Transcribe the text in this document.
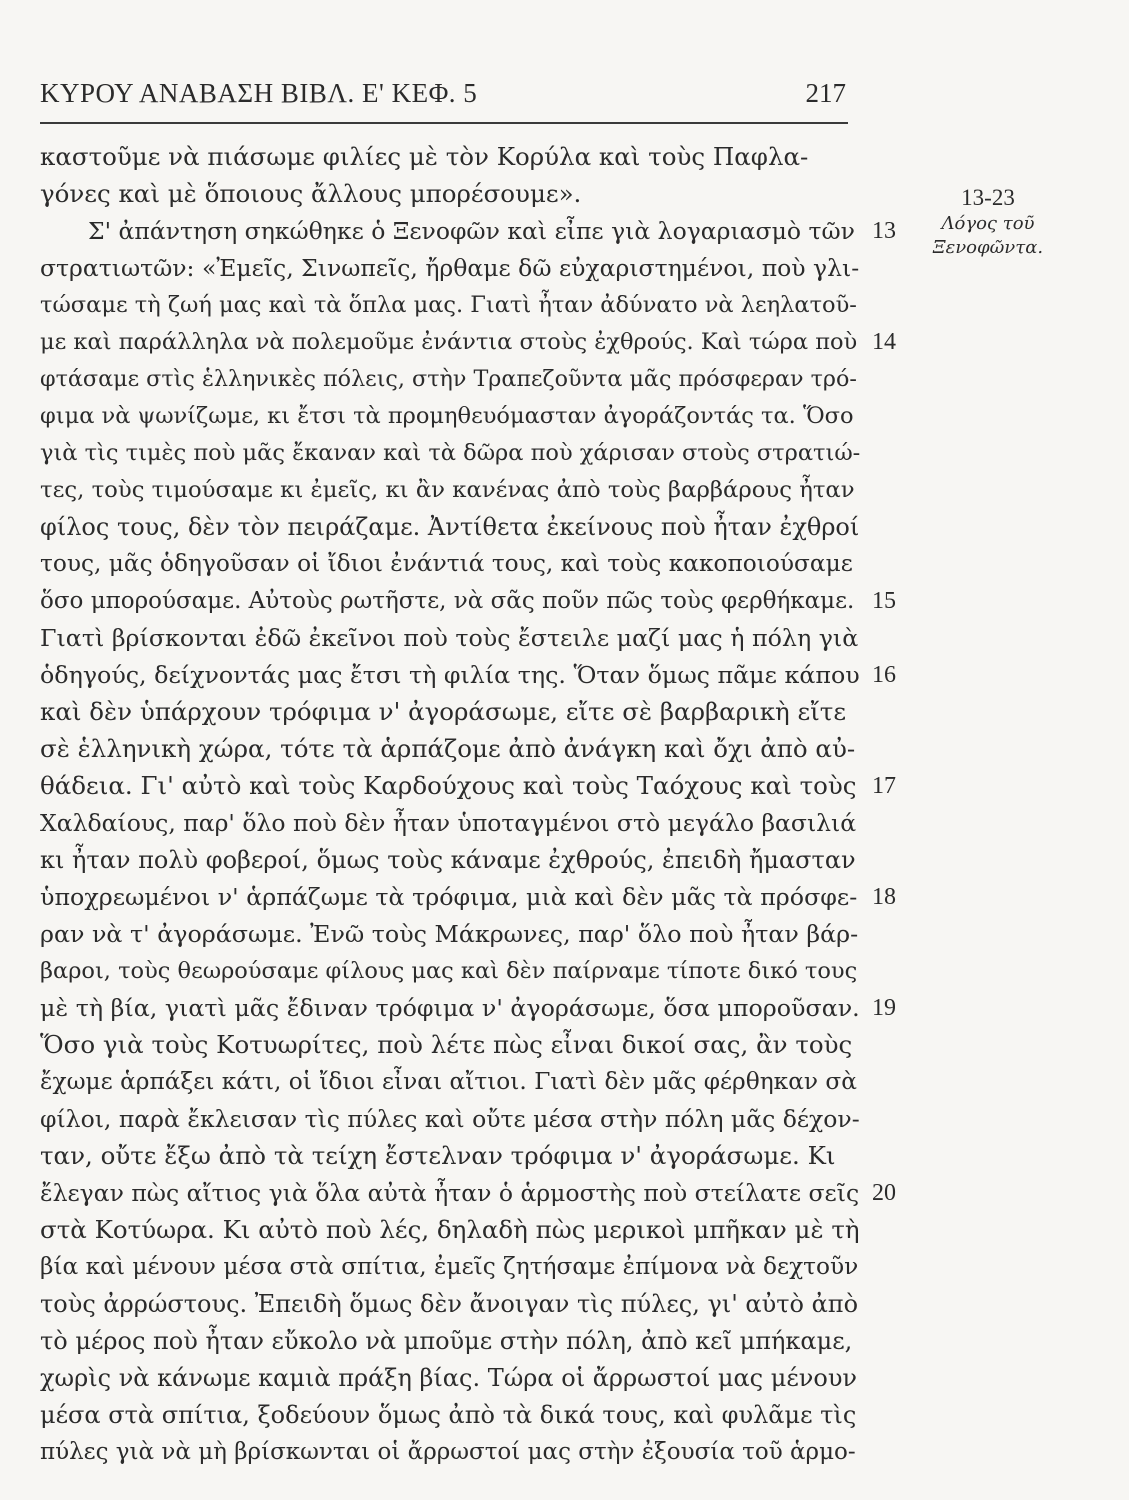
ΚΥΡΟΥ ΑΝΑΒΑΣΗ ΒΙΒΛ. Ε' ΚΕΦ. 5	217
13-23
Λόγος τοῦ
Ξενοφῶντα.
καστοῦμε νὰ πιάσωμε φιλίες μὲ τὸν Κορύλα καὶ τοὺς Παφλα-
γόνες καὶ μὲ ὅποιους ἄλλους μπορέσουμε».
Σ' ἀπάντηση σηκώθηκε ὁ Ξενοφῶν καὶ εἶπε γιὰ λογαριασμὸ τῶν
στρατιωτῶν: «Ἐμεῖς, Σινωπεῖς, ἤρθαμε δῶ εὐχαριστημένοι, ποὺ γλι-
τώσαμε τὴ ζωή μας καὶ τὰ ὅπλα μας. Γιατὶ ἦταν ἀδύνατο νὰ λεηλατοῦ-
με καὶ παράλληλα νὰ πολεμοῦμε ἐνάντια στοὺς ἐχθρούς. Καὶ τώρα ποὺ
φτάσαμε στὶς ἑλληνικὲς πόλεις, στὴν Τραπεζοῦντα μᾶς πρόσφεραν τρό-
φιμα νὰ ψωνίζωμε, κι ἔτσι τὰ προμηθευόμασταν ἀγοράζοντάς τα. Ὅσο
γιὰ τὶς τιμὲς ποὺ μᾶς ἔκαναν καὶ τὰ δῶρα ποὺ χάρισαν στοὺς στρατιώ-
τες, τοὺς τιμούσαμε κι ἐμεῖς, κι ἂν κανένας ἀπὸ τοὺς βαρβάρους ἦταν
φίλος τους, δὲν τὸν πειράζαμε. Ἀντίθετα ἐκείνους ποὺ ἦταν ἐχθροί
τους, μᾶς ὁδηγοῦσαν οἱ ἴδιοι ἐνάντιά τους, καὶ τοὺς κακοποιούσαμε
ὅσο μπορούσαμε. Αὐτοὺς ρωτῆστε, νὰ σᾶς ποῦν πῶς τοὺς φερθήκαμε.
Γιατὶ βρίσκονται ἐδῶ ἐκεῖνοι ποὺ τοὺς ἔστειλε μαζί μας ἡ πόλη γιὰ
ὁδηγούς, δείχνοντάς μας ἔτσι τὴ φιλία της. Ὅταν ὅμως πᾶμε κάπου
καὶ δὲν ὑπάρχουν τρόφιμα ν' ἀγοράσωμε, εἴτε σὲ βαρβαρικὴ εἴτε
σὲ ἑλληνικὴ χώρα, τότε τὰ ἁρπάζομε ἀπὸ ἀνάγκη καὶ ὄχι ἀπὸ αὐ-
θάδεια. Γι' αὐτὸ καὶ τοὺς Καρδούχους καὶ τοὺς Ταόχους καὶ τοὺς
Χαλδαίους, παρ' ὅλο ποὺ δὲν ἦταν ὑποταγμένοι στὸ μεγάλο βασιλιά
κι ἦταν πολὺ φοβεροί, ὅμως τοὺς κάναμε ἐχθρούς, ἐπειδὴ ἤμασταν
ὑποχρεωμένοι ν' ἁρπάζωμε τὰ τρόφιμα, μιὰ καὶ δὲν μᾶς τὰ πρόσφε-
ραν νὰ τ' ἀγοράσωμε. Ἐνῶ τοὺς Μάκρωνες, παρ' ὅλο ποὺ ἦταν βάρ-
βαροι, τοὺς θεωρούσαμε φίλους μας καὶ δὲν παίρναμε τίποτε δικό τους
μὲ τὴ βία, γιατὶ μᾶς ἔδιναν τρόφιμα ν' ἀγοράσωμε, ὅσα μποροῦσαν.
Ὅσο γιὰ τοὺς Κοτυωρίτες, ποὺ λέτε πὼς εἶναι δικοί σας, ἂν τοὺς
ἔχωμε ἁρπάξει κάτι, οἱ ἴδιοι εἶναι αἴτιοι. Γιατὶ δὲν μᾶς φέρθηκαν σὰ
φίλοι, παρὰ ἔκλεισαν τὶς πύλες καὶ οὔτε μέσα στὴν πόλη μᾶς δέχον-
ταν, οὔτε ἔξω ἀπὸ τὰ τείχη ἔστελναν τρόφιμα ν' ἀγοράσωμε. Κι
ἔλεγαν πὼς αἴτιος γιὰ ὅλα αὐτὰ ἦταν ὁ ἁρμοστὴς ποὺ στείλατε σεῖς
στὰ Κοτύωρα. Κι αὐτὸ ποὺ λές, δηλαδὴ πὼς μερικοὶ μπῆκαν μὲ τὴ
βία καὶ μένουν μέσα στὰ σπίτια, ἐμεῖς ζητήσαμε ἐπίμονα νὰ δεχτοῦν
τοὺς ἀρρώστους. Ἐπειδὴ ὅμως δὲν ἄνοιγαν τὶς πύλες, γι' αὐτὸ ἀπὸ
τὸ μέρος ποὺ ἦταν εὔκολο νὰ μποῦμε στὴν πόλη, ἀπὸ κεῖ μπήκαμε,
χωρὶς νὰ κάνωμε καμιὰ πράξη βίας. Τώρα οἱ ἄρρωστοί μας μένουν
μέσα στὰ σπίτια, ξοδεύουν ὅμως ἀπὸ τὰ δικά τους, καὶ φυλᾶμε τὶς
πύλες γιὰ νὰ μὴ βρίσκωνται οἱ ἄρρωστοί μας στὴν ἐξουσία τοῦ ἁρμο-
13
14
15
16
17
18
19
20
